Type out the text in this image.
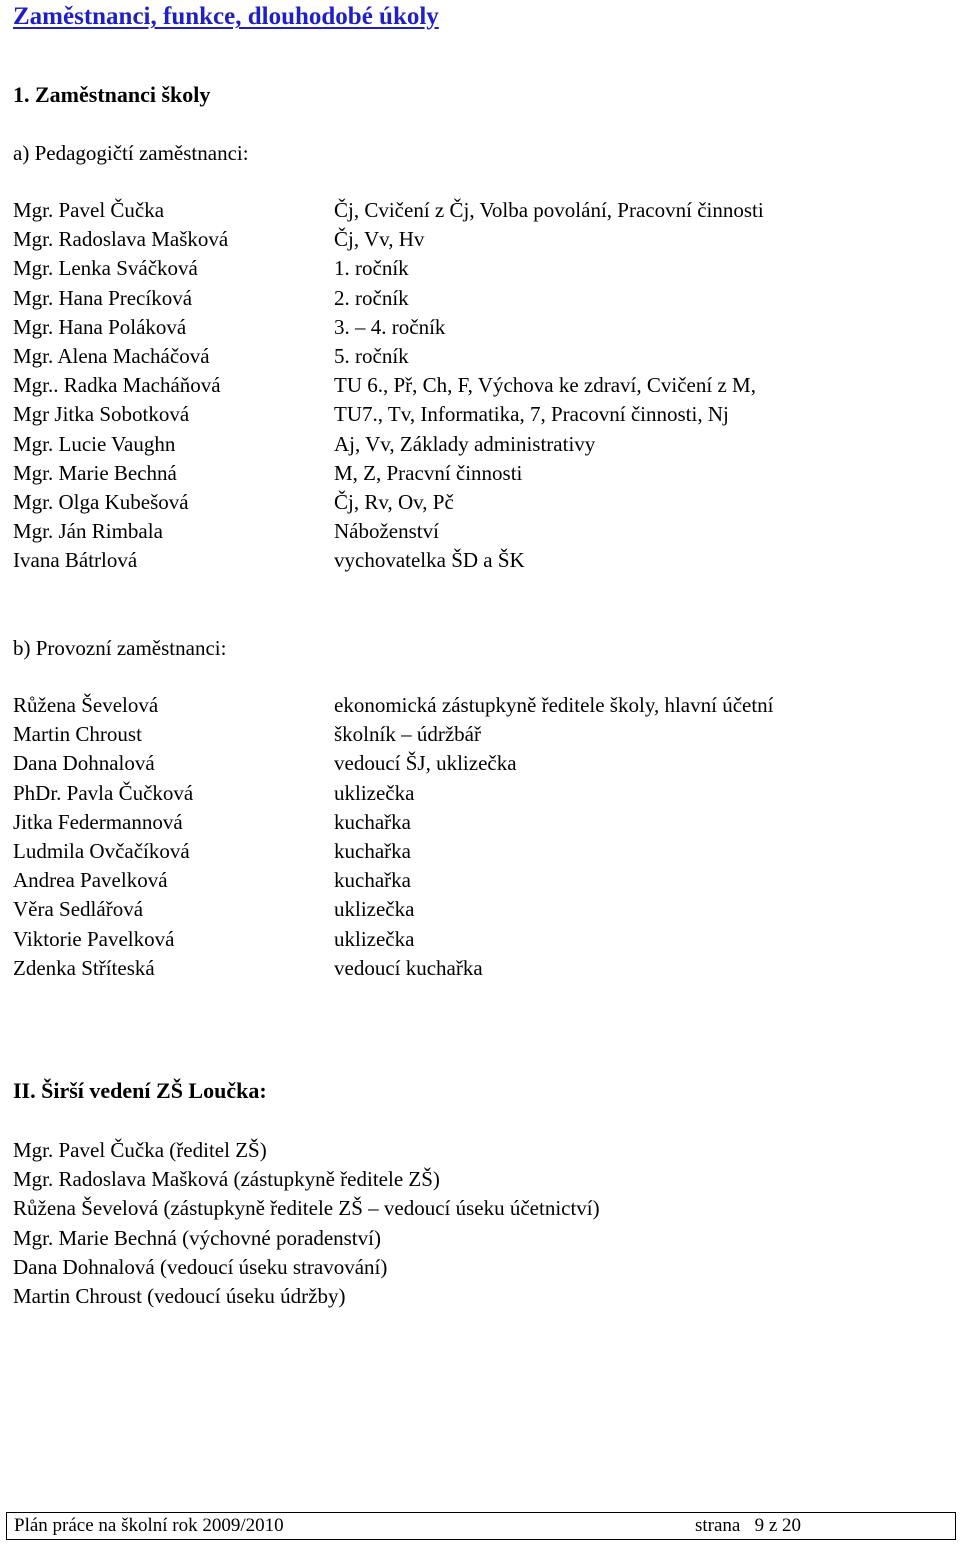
Zaměstnanci, funkce, dlouhodobé úkoly
1. Zaměstnanci školy
a) Pedagogičtí zaměstnanci:
Mgr. Pavel Čučka	Čj, Cvičení z Čj, Volba povolání, Pracovní činnosti
Mgr. Radoslava Mašková	Čj, Vv, Hv
Mgr. Lenka Sváčková	1. ročník
Mgr. Hana Precíková	2. ročník
Mgr. Hana Poláková	3. – 4. ročník
Mgr. Alena Macháčová	5. ročník
Mgr.. Radka Macháňová	TU 6., Př, Ch, F, Výchova ke zdraví, Cvičení z M,
Mgr Jitka Sobotková	TU7., Tv, Informatika, 7, Pracovní činnosti, Nj
Mgr. Lucie Vaughn	Aj, Vv, Základy administrativy
Mgr. Marie Bechná	M, Z, Pracvní činnosti
Mgr. Olga Kubešová	Čj, Rv, Ov, Pč
Mgr. Ján Rimbala	Náboženství
Ivana Bátrlová	vychovatelka ŠD a ŠK
b) Provozní zaměstnanci:
Růžena Ševelová	ekonomická zástupkyně ředitele školy, hlavní účetní
Martin Chroust	školník – údržbář
Dana Dohnalová	vedoucí ŠJ, uklizečka
PhDr. Pavla Čučková	uklizečka
Jitka Federmannová	kuchařka
Ludmila Ovčačíková	kuchařka
Andrea Pavelková	kuchařka
Věra Sedlářová	uklizečka
Viktorie Pavelková	uklizečka
Zdenka Stříteská	vedoucí kuchařka
II. Širší vedení ZŠ Loučka:
Mgr. Pavel Čučka (ředitel ZŠ)
Mgr. Radoslava Mašková (zástupkyně ředitele ZŠ)
Růžena Ševelová (zástupkyně ředitele ZŠ – vedoucí úseku účetnictví)
Mgr. Marie Bechná (výchovné poradenství)
Dana Dohnalová (vedoucí úseku stravování)
Martin Chroust (vedoucí úseku údržby)
Plán práce na školní rok 2009/2010	strana   9 z 20
